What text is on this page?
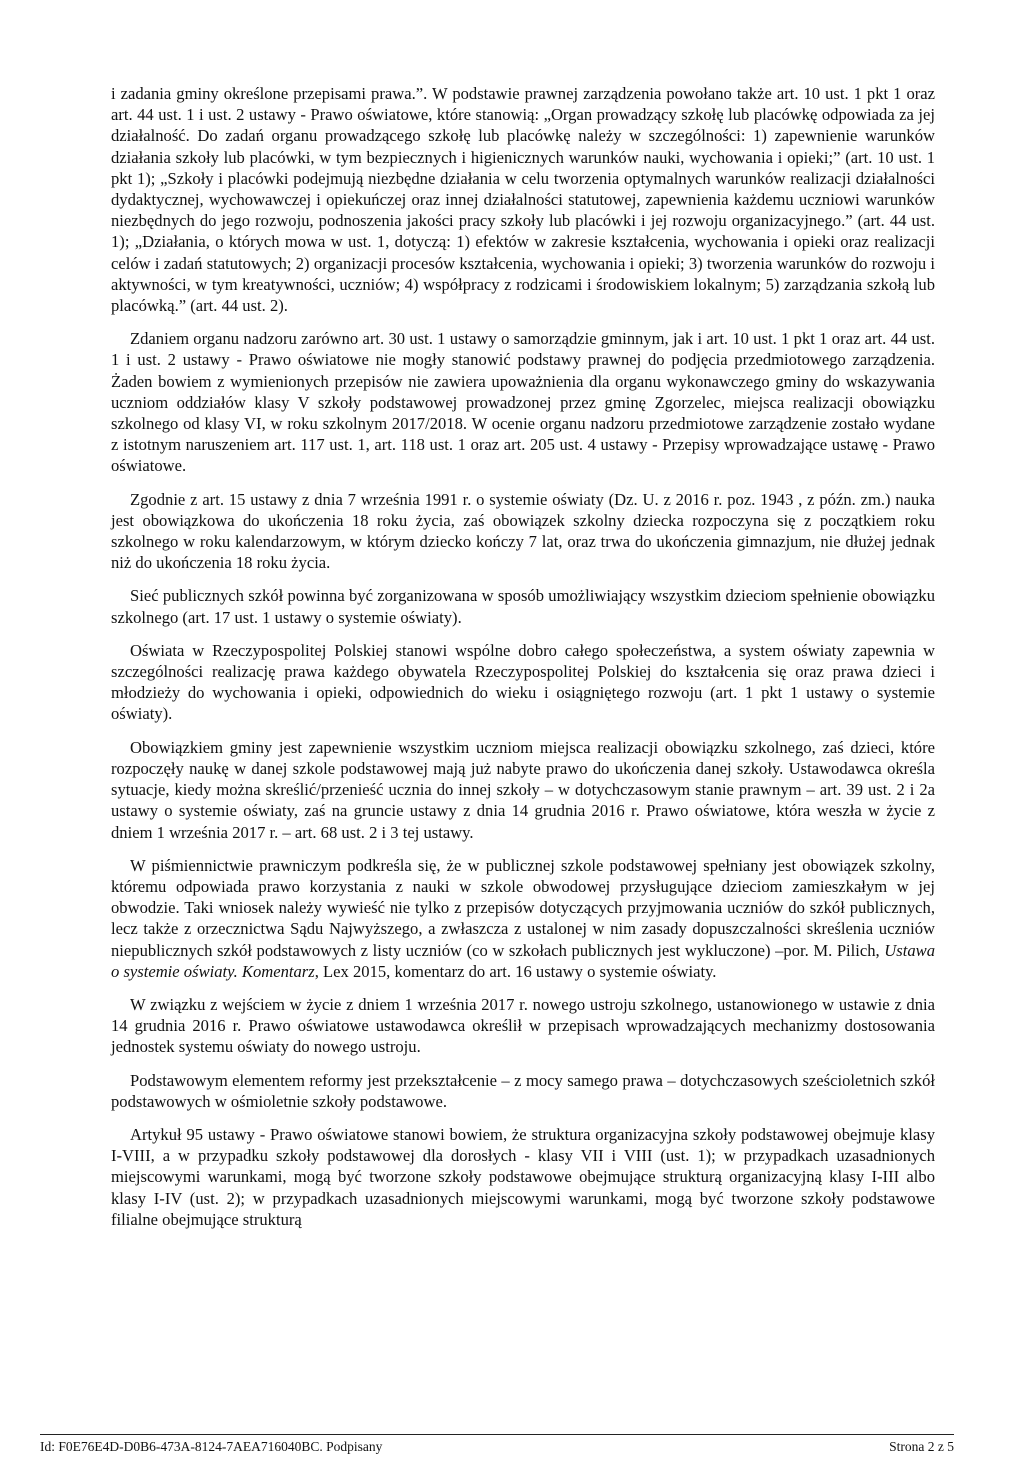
i zadania gminy określone przepisami prawa.”. W podstawie prawnej zarządzenia powołano także art. 10 ust. 1 pkt 1 oraz art. 44 ust. 1 i ust. 2 ustawy - Prawo oświatowe, które stanowią: „Organ prowadzący szkołę lub placówkę odpowiada za jej działalność. Do zadań organu prowadzącego szkołę lub placówkę należy w szczególności: 1) zapewnienie warunków działania szkoły lub placówki, w tym bezpiecznych i higienicznych warunków nauki, wychowania i opieki;” (art. 10 ust. 1 pkt 1); „Szkoły i placówki podejmują niezbędne działania w celu tworzenia optymalnych warunków realizacji działalności dydaktycznej, wychowawczej i opiekuńczej oraz innej działalności statutowej, zapewnienia każdemu uczniowi warunków niezbędnych do jego rozwoju, podnoszenia jakości pracy szkoły lub placówki i jej rozwoju organizacyjnego.” (art. 44 ust. 1); „Działania, o których mowa w ust. 1, dotyczą: 1) efektów w zakresie kształcenia, wychowania i opieki oraz realizacji celów i zadań statutowych; 2) organizacji procesów kształcenia, wychowania i opieki; 3) tworzenia warunków do rozwoju i aktywności, w tym kreatywności, uczniów; 4) współpracy z rodzicami i środowiskiem lokalnym; 5) zarządzania szkołą lub placówką.” (art. 44 ust. 2).

Zdaniem organu nadzoru zarówno art. 30 ust. 1 ustawy o samorządzie gminnym, jak i art. 10 ust. 1 pkt 1 oraz art. 44 ust. 1 i ust. 2 ustawy - Prawo oświatowe nie mogły stanowić podstawy prawnej do podjęcia przedmiotowego zarządzenia. Żaden bowiem z wymienionych przepisów nie zawiera upoważnienia dla organu wykonawczego gminy do wskazywania uczniom oddziałów klasy V szkoły podstawowej prowadzonej przez gminę Zgorzelec, miejsca realizacji obowiązku szkolnego od klasy VI, w roku szkolnym 2017/2018. W ocenie organu nadzoru przedmiotowe zarządzenie zostało wydane z istotnym naruszeniem art. 117 ust. 1, art. 118 ust. 1 oraz art. 205 ust. 4 ustawy - Przepisy wprowadzające ustawę - Prawo oświatowe.

Zgodnie z art. 15 ustawy z dnia 7 września 1991 r. o systemie oświaty (Dz. U. z 2016 r. poz. 1943 , z późn. zm.) nauka jest obowiązkowa do ukończenia 18 roku życia, zaś obowiązek szkolny dziecka rozpoczyna się z początkiem roku szkolnego w roku kalendarzowym, w którym dziecko kończy 7 lat, oraz trwa do ukończenia gimnazjum, nie dłużej jednak niż do ukończenia 18 roku życia.

Sieć publicznych szkół powinna być zorganizowana w sposób umożliwiający wszystkim dzieciom spełnienie obowiązku szkolnego (art. 17 ust. 1 ustawy o systemie oświaty).

Oświata w Rzeczypospolitej Polskiej stanowi wspólne dobro całego społeczeństwa, a system oświaty zapewnia w szczególności realizację prawa każdego obywatela Rzeczypospolitej Polskiej do kształcenia się oraz prawa dzieci i młodzieży do wychowania i opieki, odpowiednich do wieku i osiągniętego rozwoju (art. 1 pkt 1 ustawy o systemie oświaty).

Obowiązkiem gminy jest zapewnienie wszystkim uczniom miejsca realizacji obowiązku szkolnego, zaś dzieci, które rozpoczęły naukę w danej szkole podstawowej mają już nabyte prawo do ukończenia danej szkoły. Ustawodawca określa sytuacje, kiedy można skreślić/przenieść ucznia do innej szkoły – w dotychczasowym stanie prawnym – art. 39 ust. 2 i 2a ustawy o systemie oświaty, zaś na gruncie ustawy z dnia 14 grudnia 2016 r. Prawo oświatowe, która weszła w życie z dniem 1 września 2017 r. – art. 68 ust. 2 i 3 tej ustawy.

W piśmiennictwie prawniczym podkreśla się, że w publicznej szkole podstawowej spełniany jest obowiązek szkolny, któremu odpowiada prawo korzystania z nauki w szkole obwodowej przysługujące dzieciom zamieszkałym w jej obwodzie. Taki wniosek należy wywieść nie tylko z przepisów dotyczących przyjmowania uczniów do szkół publicznych, lecz także z orzecznictwa Sądu Najwyższego, a zwłaszcza z ustalonej w nim zasady dopuszczalności skreślenia uczniów niepublicznych szkół podstawowych z listy uczniów (co w szkołach publicznych jest wykluczone) –por. M. Pilich, Ustawa o systemie oświaty. Komentarz, Lex 2015, komentarz do art. 16 ustawy o systemie oświaty.

W związku z wejściem w życie z dniem 1 września 2017 r. nowego ustroju szkolnego, ustanowionego w ustawie z dnia 14 grudnia 2016 r. Prawo oświatowe ustawodawca określił w przepisach wprowadzających mechanizmy dostosowania jednostek systemu oświaty do nowego ustroju.

Podstawowym elementem reformy jest przekształcenie – z mocy samego prawa – dotychczasowych sześcioletnich szkół podstawowych w ośmioletnie szkoły podstawowe.

Artykuł 95 ustawy - Prawo oświatowe stanowi bowiem, że struktura organizacyjna szkoły podstawowej obejmuje klasy I-VIII, a w przypadku szkoły podstawowej dla dorosłych - klasy VII i VIII (ust. 1); w przypadkach uzasadnionych miejscowymi warunkami, mogą być tworzone szkoły podstawowe obejmujące strukturą organizacyjną klasy I-III albo klasy I-IV (ust. 2); w przypadkach uzasadnionych miejscowymi warunkami, mogą być tworzone szkoły podstawowe filialne obejmujące strukturą

Id: F0E76E4D-D0B6-473A-8124-7AEA716040BC. Podpisany	Strona 2 z 5
